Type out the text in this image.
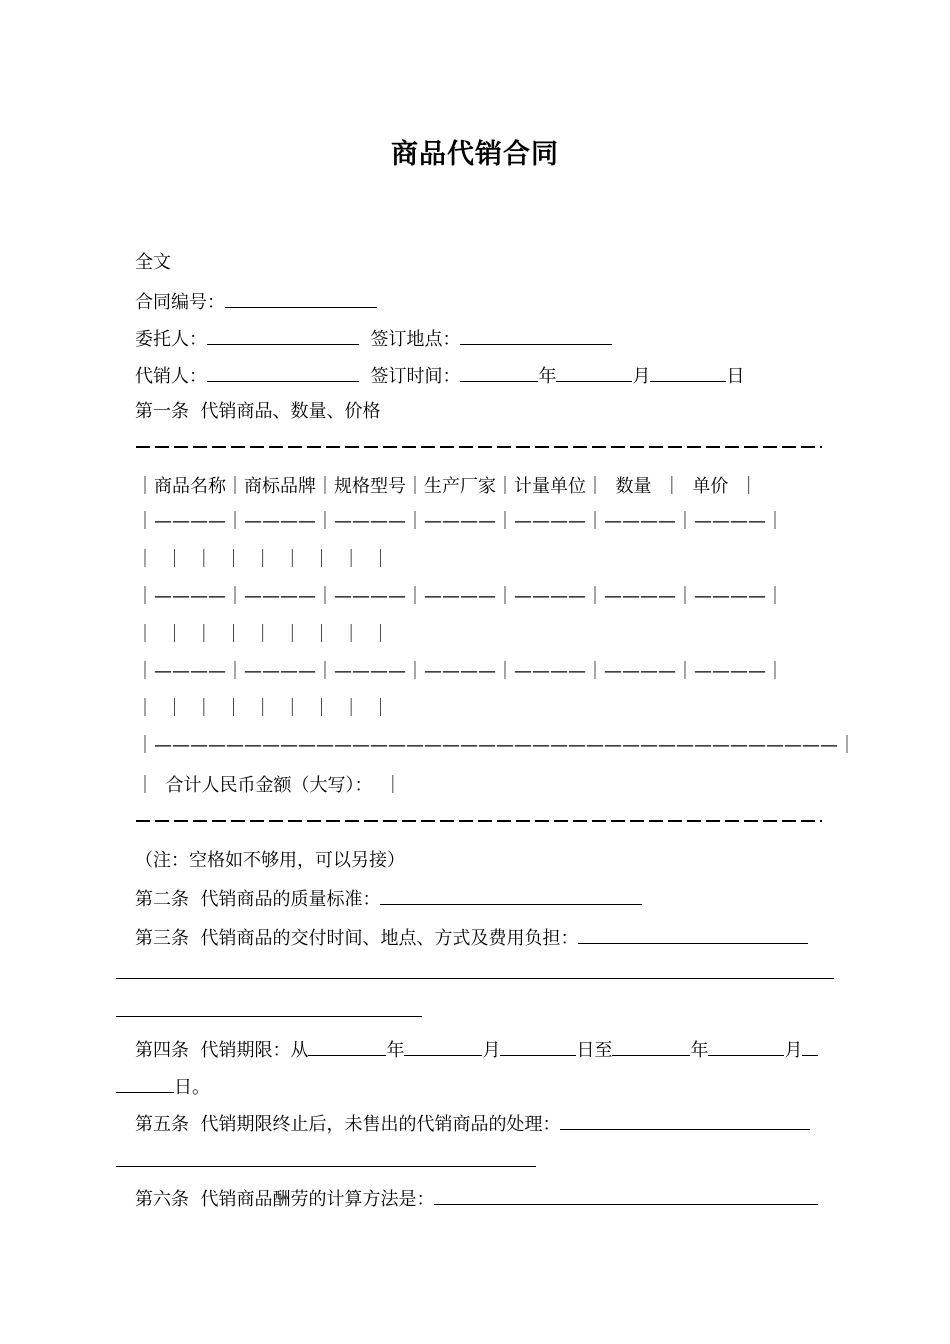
商品代销合同
全文
合同编号：
委托人：	签订地点：
代销人：	签订时间：	年	月	日
第一条  代销商品、数量、价格
｜商品名称｜商标品牌｜规格型号｜生产厂家｜计量单位｜  数量  ｜  单价  ｜
｜————｜————｜————｜————｜————｜————｜————｜
｜  ｜  ｜  ｜  ｜  ｜  ｜  ｜  ｜
｜————｜————｜————｜————｜————｜————｜————｜
｜  ｜  ｜  ｜  ｜  ｜  ｜  ｜  ｜
｜————｜————｜————｜————｜————｜————｜————｜
｜  ｜  ｜  ｜  ｜  ｜  ｜  ｜  ｜
｜——————————————————————————————————————｜
｜  合计人民币金额（大写）：  ｜
（注：空格如不够用，可以另接）
第二条  代销商品的质量标准：
第三条  代销商品的交付时间、地点、方式及费用负担：
第四条  代销期限：从	年	月	日至	年	月
日。
第五条  代销期限终止后，未售出的代销商品的处理：
第六条  代销商品酬劳的计算方法是：
